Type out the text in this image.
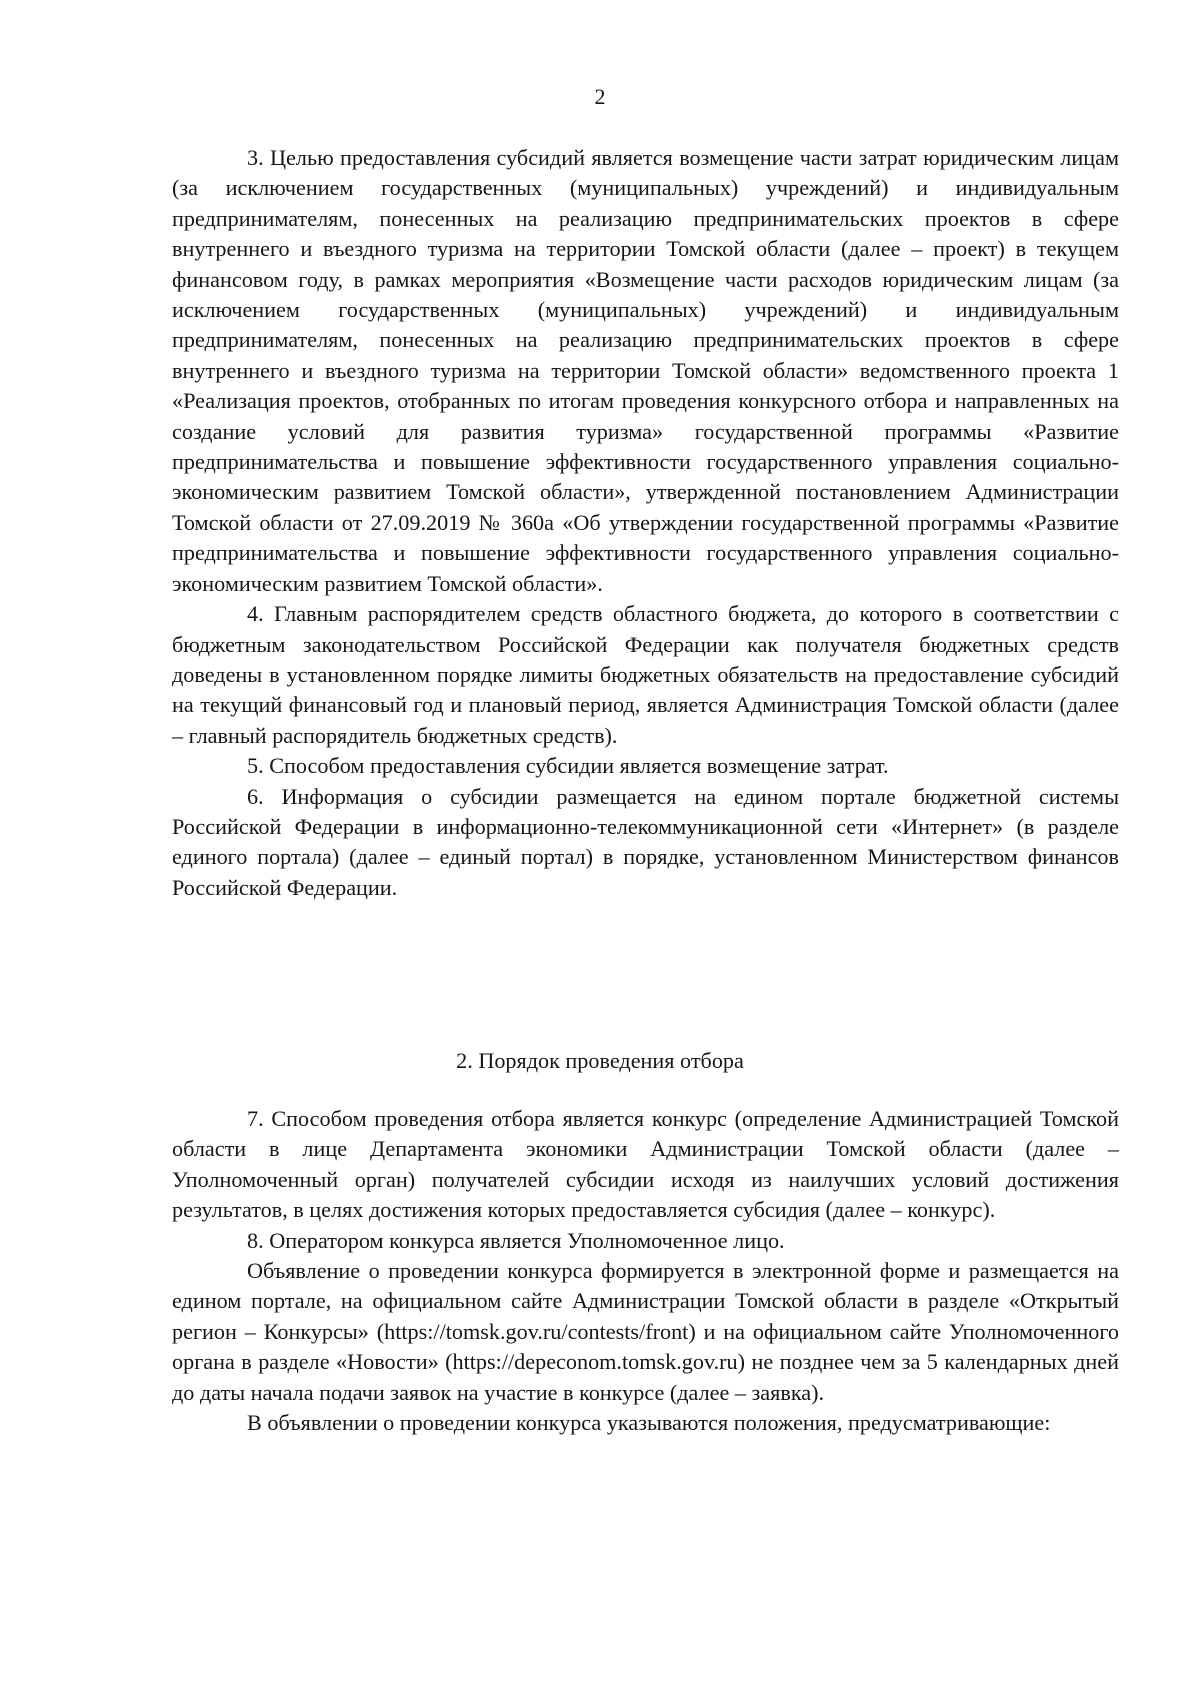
2

3. Целью предоставления субсидий является возмещение части затрат юридическим лицам (за исключением государственных (муниципальных) учреждений) и индивидуальным предпринимателям, понесенных на реализацию предпринимательских проектов в сфере внутреннего и въездного туризма на территории Томской области (далее – проект) в текущем финансовом году, в рамках мероприятия «Возмещение части расходов юридическим лицам (за исключением государственных (муниципальных) учреждений) и индивидуальным предпринимателям, понесенных на реализацию предпринимательских проектов в сфере внутреннего и въездного туризма на территории Томской области» ведомственного проекта 1 «Реализация проектов, отобранных по итогам проведения конкурсного отбора и направленных на создание условий для развития туризма» государственной программы «Развитие предпринимательства и повышение эффективности государственного управления социально-экономическим развитием Томской области», утвержденной постановлением Администрации Томской области от 27.09.2019 № 360а «Об утверждении государственной программы «Развитие предпринимательства и повышение эффективности государственного управления социально-экономическим развитием Томской области».

4. Главным распорядителем средств областного бюджета, до которого в соответствии с бюджетным законодательством Российской Федерации как получателя бюджетных средств доведены в установленном порядке лимиты бюджетных обязательств на предоставление субсидий на текущий финансовый год и плановый период, является Администрация Томской области (далее – главный распорядитель бюджетных средств).

5. Способом предоставления субсидии является возмещение затрат.

6. Информация о субсидии размещается на едином портале бюджетной системы Российской Федерации в информационно-телекоммуникационной сети «Интернет» (в разделе единого портала) (далее – единый портал) в порядке, установленном Министерством финансов Российской Федерации.

2. Порядок проведения отбора

7. Способом проведения отбора является конкурс (определение Администрацией Томской области в лице Департамента экономики Администрации Томской области (далее – Уполномоченный орган) получателей субсидии исходя из наилучших условий достижения результатов, в целях достижения которых предоставляется субсидия (далее – конкурс).

8. Оператором конкурса является Уполномоченное лицо.

Объявление о проведении конкурса формируется в электронной форме и размещается на едином портале, на официальном сайте Администрации Томской области в разделе «Открытый регион – Конкурсы» (https://tomsk.gov.ru/contests/front) и на официальном сайте Уполномоченного органа в разделе «Новости» (https://depeconom.tomsk.gov.ru) не позднее чем за 5 календарных дней до даты начала подачи заявок на участие в конкурсе (далее – заявка).

В объявлении о проведении конкурса указываются положения, предусматривающие:
